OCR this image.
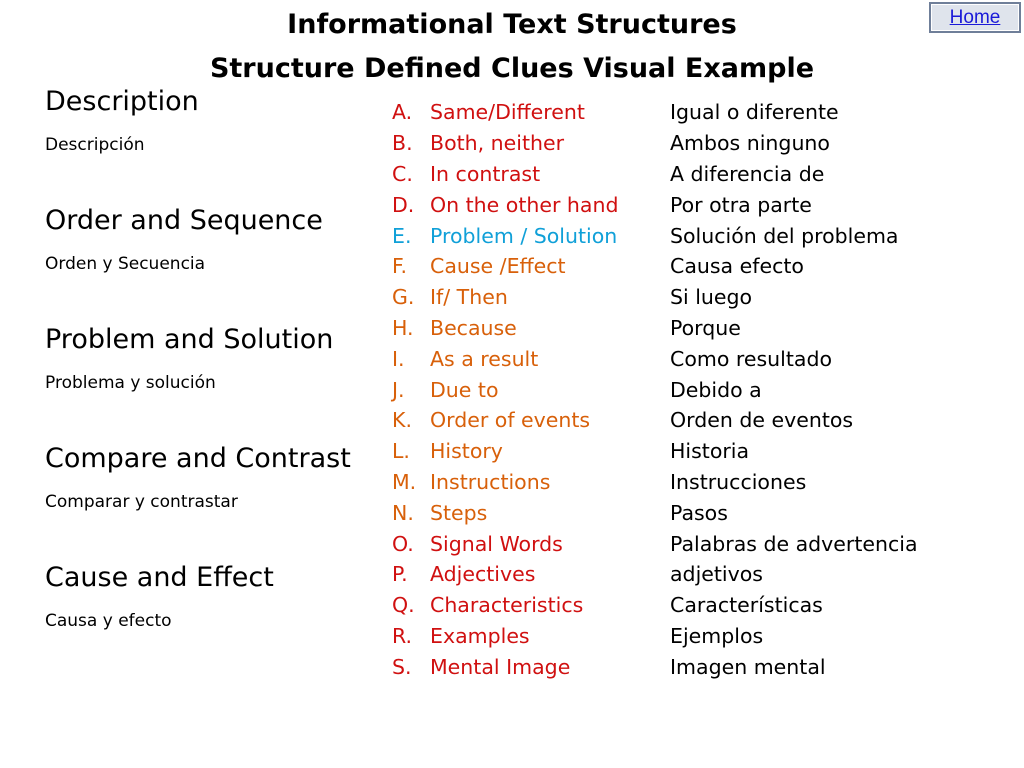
Home
Informational Text Structures
Structure Defined Clues Visual Example
Description
Descripción
Order and Sequence
Orden y Secuencia
Problem and Solution
Problema y solución
Compare and Contrast
Comparar y contrastar
Cause and Effect
Causa y efecto
A. Same/Different	Igual o diferente
B. Both, neither	Ambos ninguno
C. In contrast	A diferencia de
D. On the other hand	Por otra parte
E. Problem / Solution	Solución del problema
F.	Cause /Effect	Causa efecto
G. If/ Then	Si luego
H. Because	Porque
I.	As a result	Como resultado
J.	Due to	Debido a
K. Order of events	Orden de eventos
L. History	Historia
M. Instructions	Instrucciones
N. Steps	Pasos
O. Signal Words	Palabras de advertencia
P.	Adjectives	adjetivos
Q. Characteristics	Características
R. Examples	Ejemplos
S. Mental Image	Imagen mental
